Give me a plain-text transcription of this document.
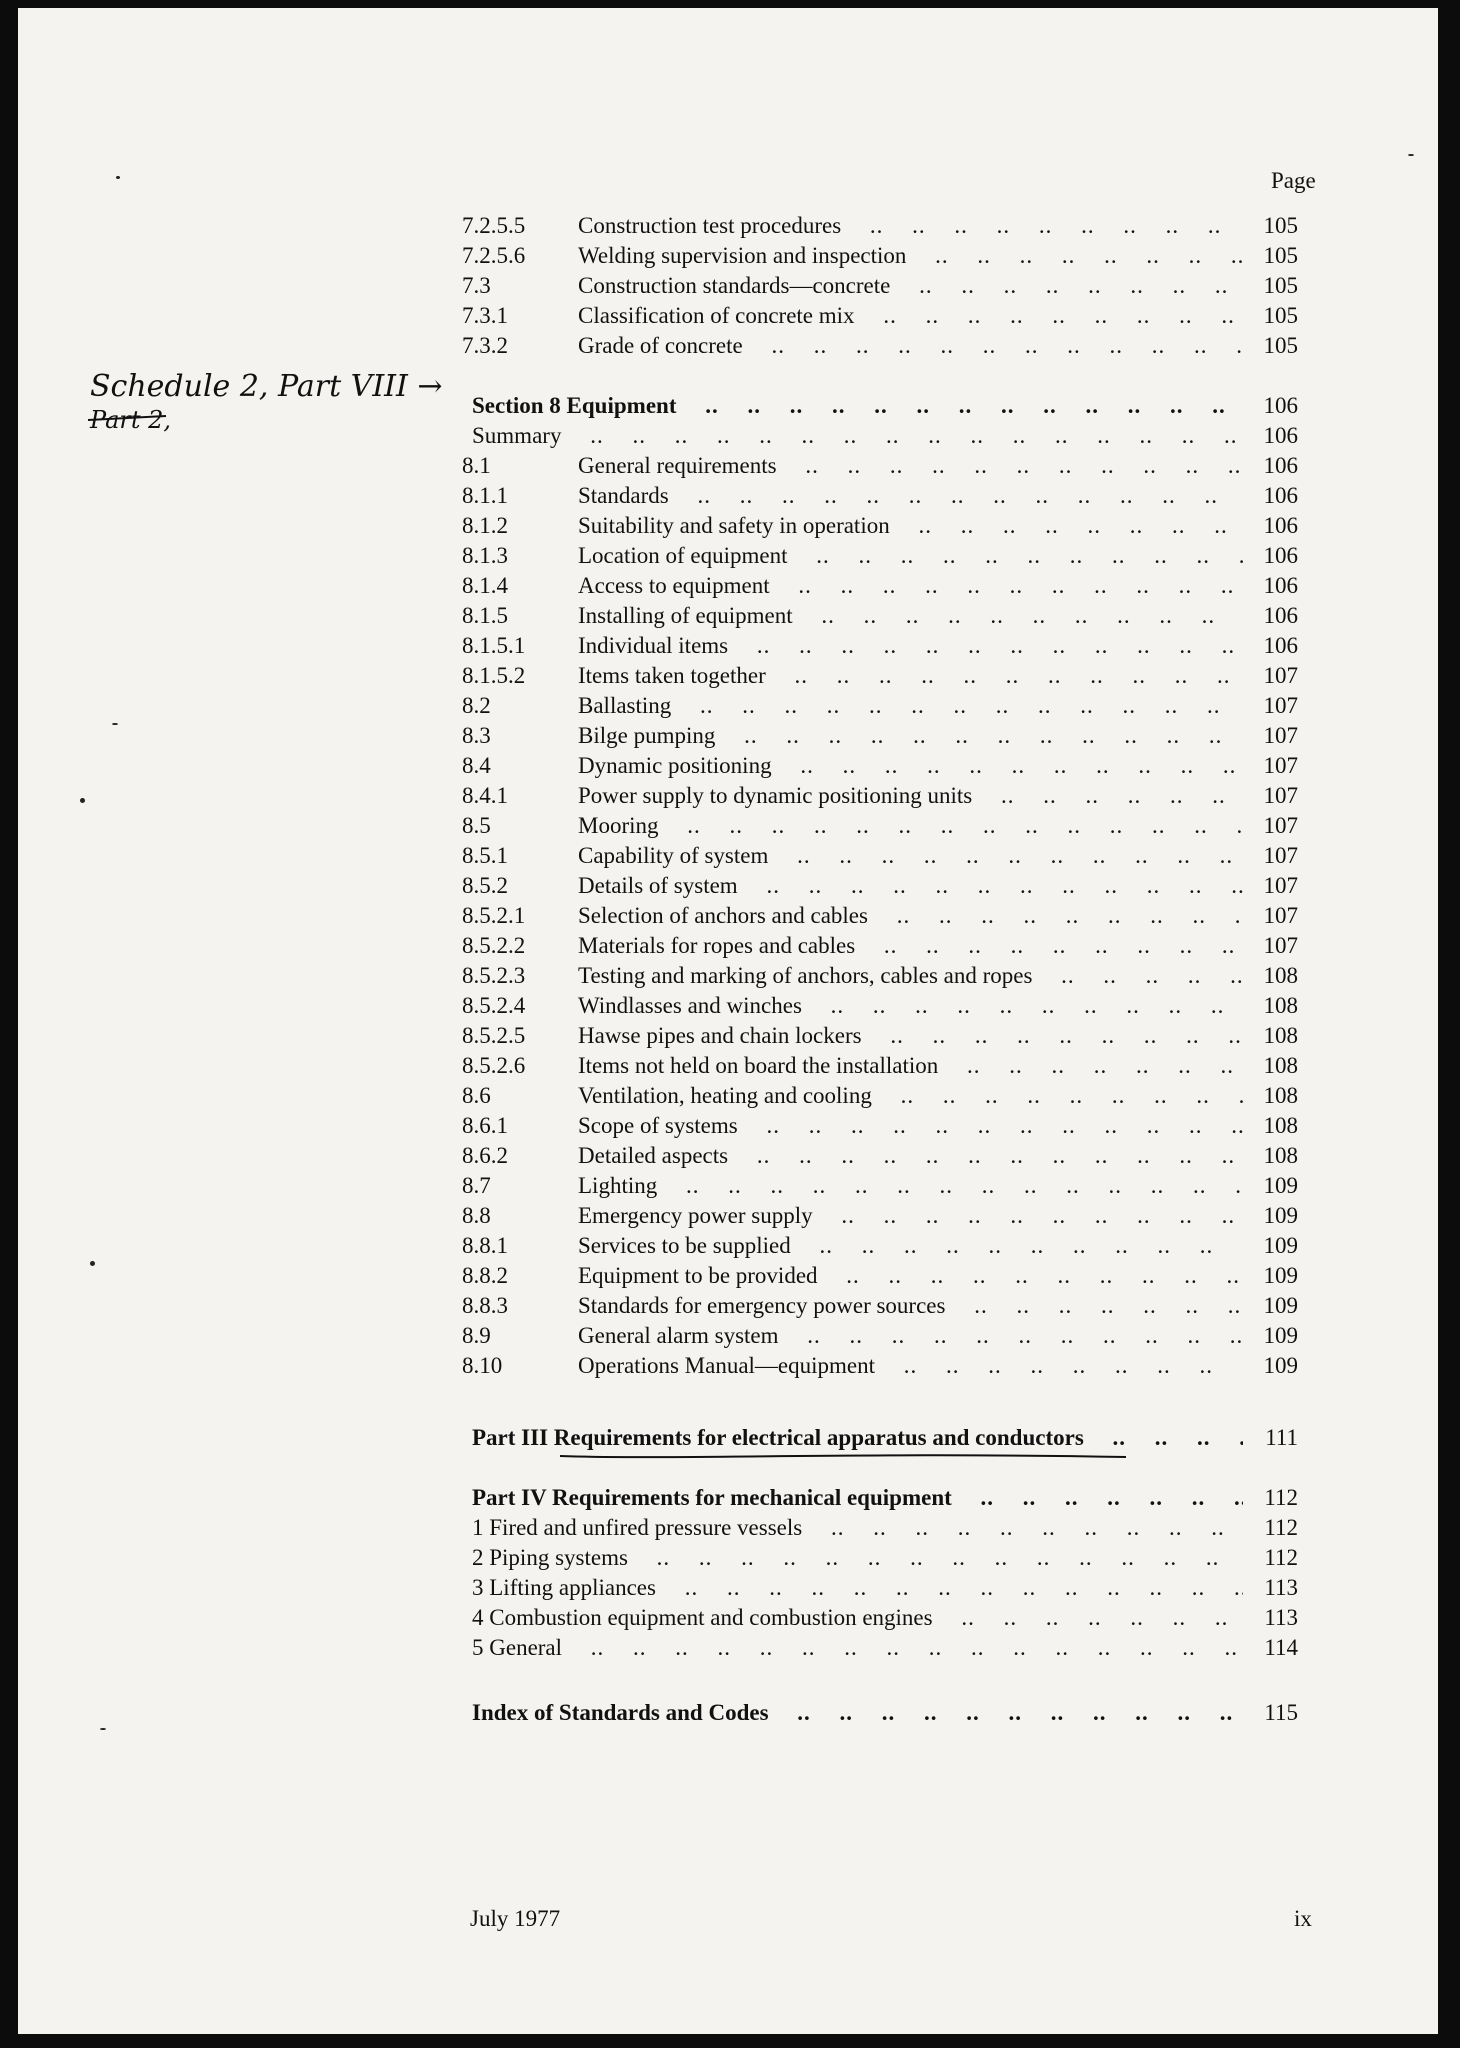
Page
7.2.5.5 Construction test procedures .. ..	105
7.2.5.6 Welding supervision and inspection .. ..	105
7.3	Construction standards—concrete .. ..	105
7.3.1	Classification of concrete mix .. ..	105
7.3.2	Grade of concrete .. ..	105
Section 8 Equipment .. ..	106
Summary .. ..	106
8.1	General requirements .. ..	106
8.1.1	Standards .. ..	106
8.1.2	Suitability and safety in operation .. ..	106
8.1.3	Location of equipment .. ..	106
8.1.4	Access to equipment .. ..	106
8.1.5	Installing of equipment .. ..	106
8.1.5.1 Individual items .. ..	106
8.1.5.2 Items taken together .. ..	107
8.2	Ballasting .. ..	107
8.3	Bilge pumping .. ..	107
8.4	Dynamic positioning .. ..	107
8.4.1	Power supply to dynamic positioning units .. ..	107
8.5	Mooring .. ..	107
8.5.1	Capability of system .. ..	107
8.5.2	Details of system .. ..	107
8.5.2.1 Selection of anchors and cables .. ..	107
8.5.2.2 Materials for ropes and cables .. ..	107
8.5.2.3 Testing and marking of anchors, cables and ropes .. ..	108
8.5.2.4 Windlasses and winches .. ..	108
8.5.2.5 Hawse pipes and chain lockers .. ..	108
8.5.2.6 Items not held on board the installation .. ..	108
8.6	Ventilation, heating and cooling .. ..	108
8.6.1	Scope of systems .. ..	108
8.6.2	Detailed aspects .. ..	108
8.7	Lighting .. ..	109
8.8	Emergency power supply .. ..	109
8.8.1	Services to be supplied .. ..	109
8.8.2	Equipment to be provided .. ..	109
8.8.3	Standards for emergency power sources .. ..	109
8.9	General alarm system .. ..	109
8.10	Operations Manual—equipment .. ..	109
Part III Requirements for electrical apparatus and conductors .. ..	111
Part IV Requirements for mechanical equipment .. ..	112
1 Fired and unfired pressure vessels .. ..	112
2 Piping systems .. ..	112
3 Lifting appliances .. ..	113
4 Combustion equipment and combustion engines .. ..	113
5 General .. ..	114
Index of Standards and Codes .. ..	115
Schedule 2, Part VIII →
Part 2,
July 1977	ix
